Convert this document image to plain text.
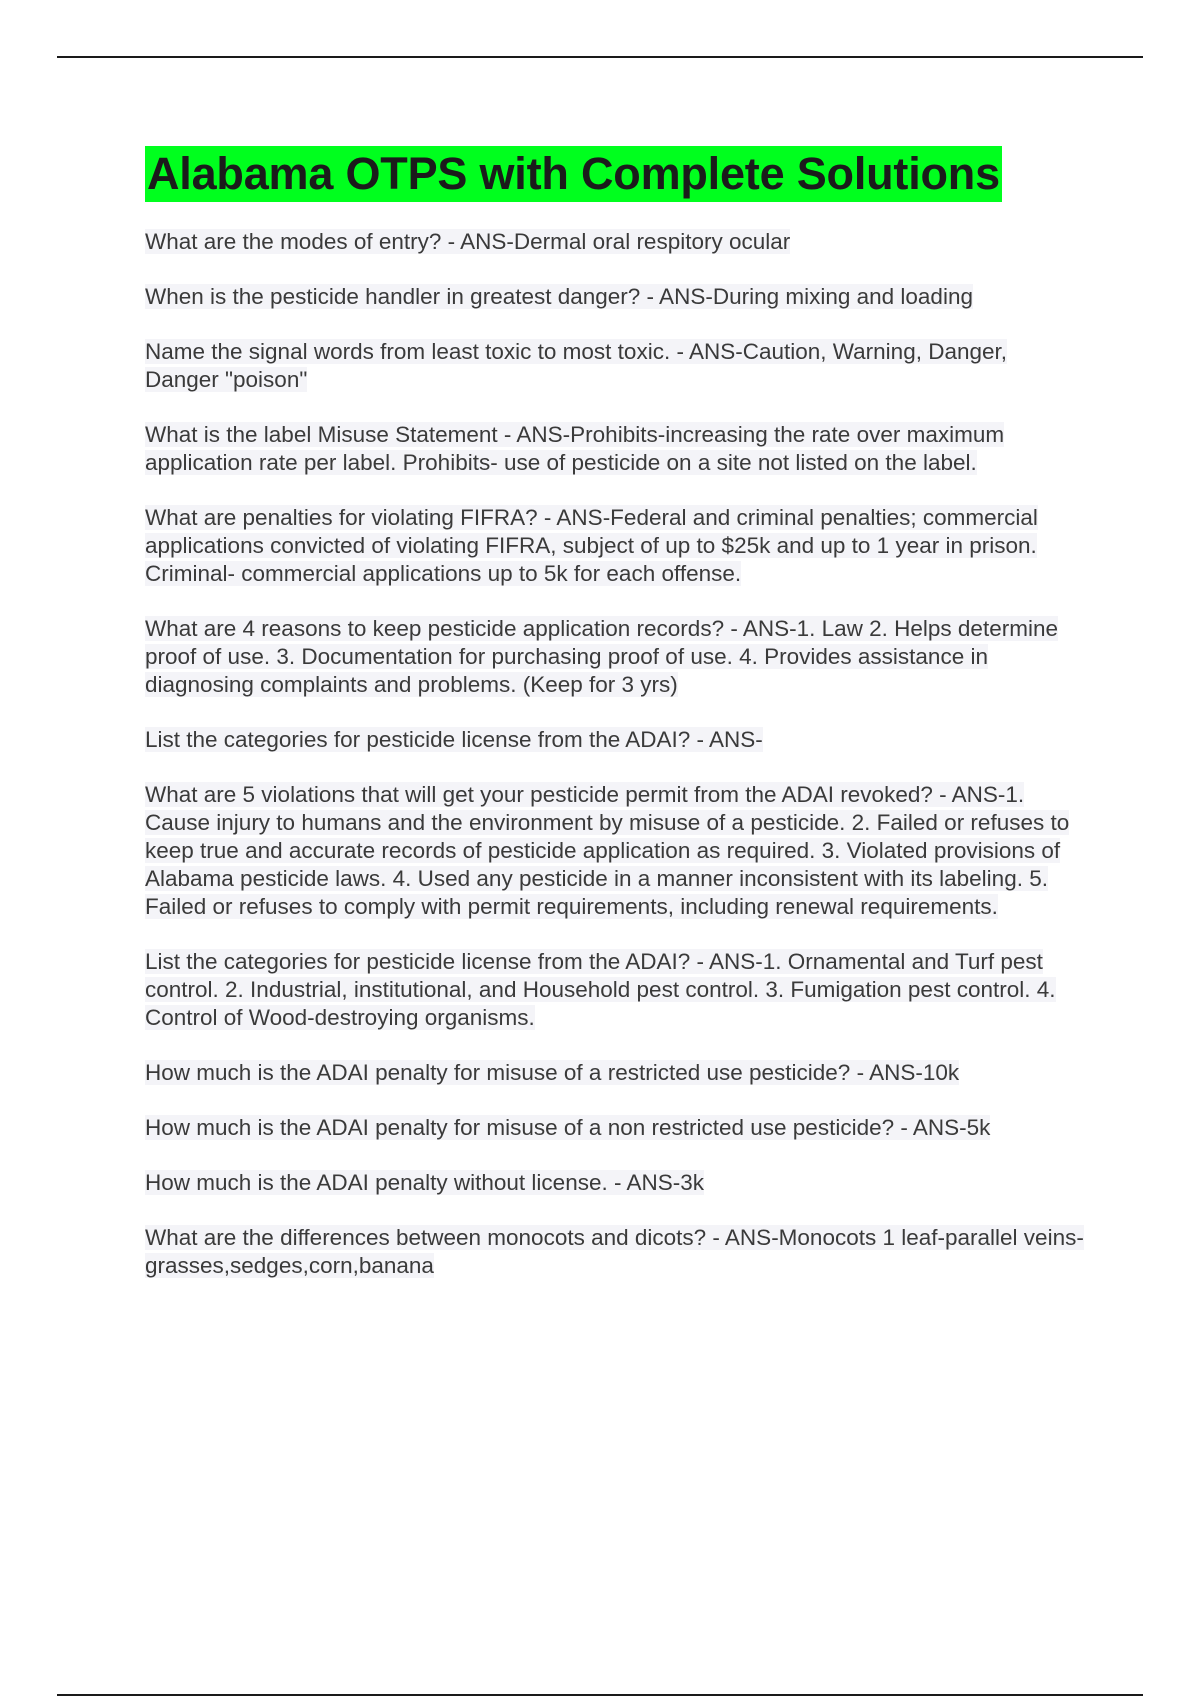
Alabama OTPS with Complete Solutions

What are the modes of entry? - ANS-Dermal oral respitory ocular

When is the pesticide handler in greatest danger? - ANS-During mixing and loading

Name the signal words from least toxic to most toxic. - ANS-Caution, Warning, Danger, Danger "poison"

What is the label Misuse Statement - ANS-Prohibits-increasing the rate over maximum application rate per label. Prohibits- use of pesticide on a site not listed on the label.

What are penalties for violating FIFRA? - ANS-Federal and criminal penalties; commercial applications convicted of violating FIFRA, subject of up to $25k and up to 1 year in prison. Criminal- commercial applications up to 5k for each offense.

What are 4 reasons to keep pesticide application records? - ANS-1. Law 2. Helps determine proof of use. 3. Documentation for purchasing proof of use. 4. Provides assistance in diagnosing complaints and problems. (Keep for 3 yrs)

List the categories for pesticide license from the ADAI? - ANS-

What are 5 violations that will get your pesticide permit from the ADAI revoked? - ANS-1. Cause injury to humans and the environment by misuse of a pesticide. 2. Failed or refuses to keep true and accurate records of pesticide application as required. 3. Violated provisions of Alabama pesticide laws. 4. Used any pesticide in a manner inconsistent with its labeling. 5. Failed or refuses to comply with permit requirements, including renewal requirements.

List the categories for pesticide license from the ADAI? - ANS-1. Ornamental and Turf pest control. 2. Industrial, institutional, and Household pest control. 3. Fumigation pest control. 4. Control of Wood-destroying organisms.

How much is the ADAI penalty for misuse of a restricted use pesticide? - ANS-10k

How much is the ADAI penalty for misuse of a non restricted use pesticide? - ANS-5k

How much is the ADAI penalty without license. - ANS-3k

What are the differences between monocots and dicots? - ANS-Monocots 1 leaf-parallel veins-grasses,sedges,corn,banana
